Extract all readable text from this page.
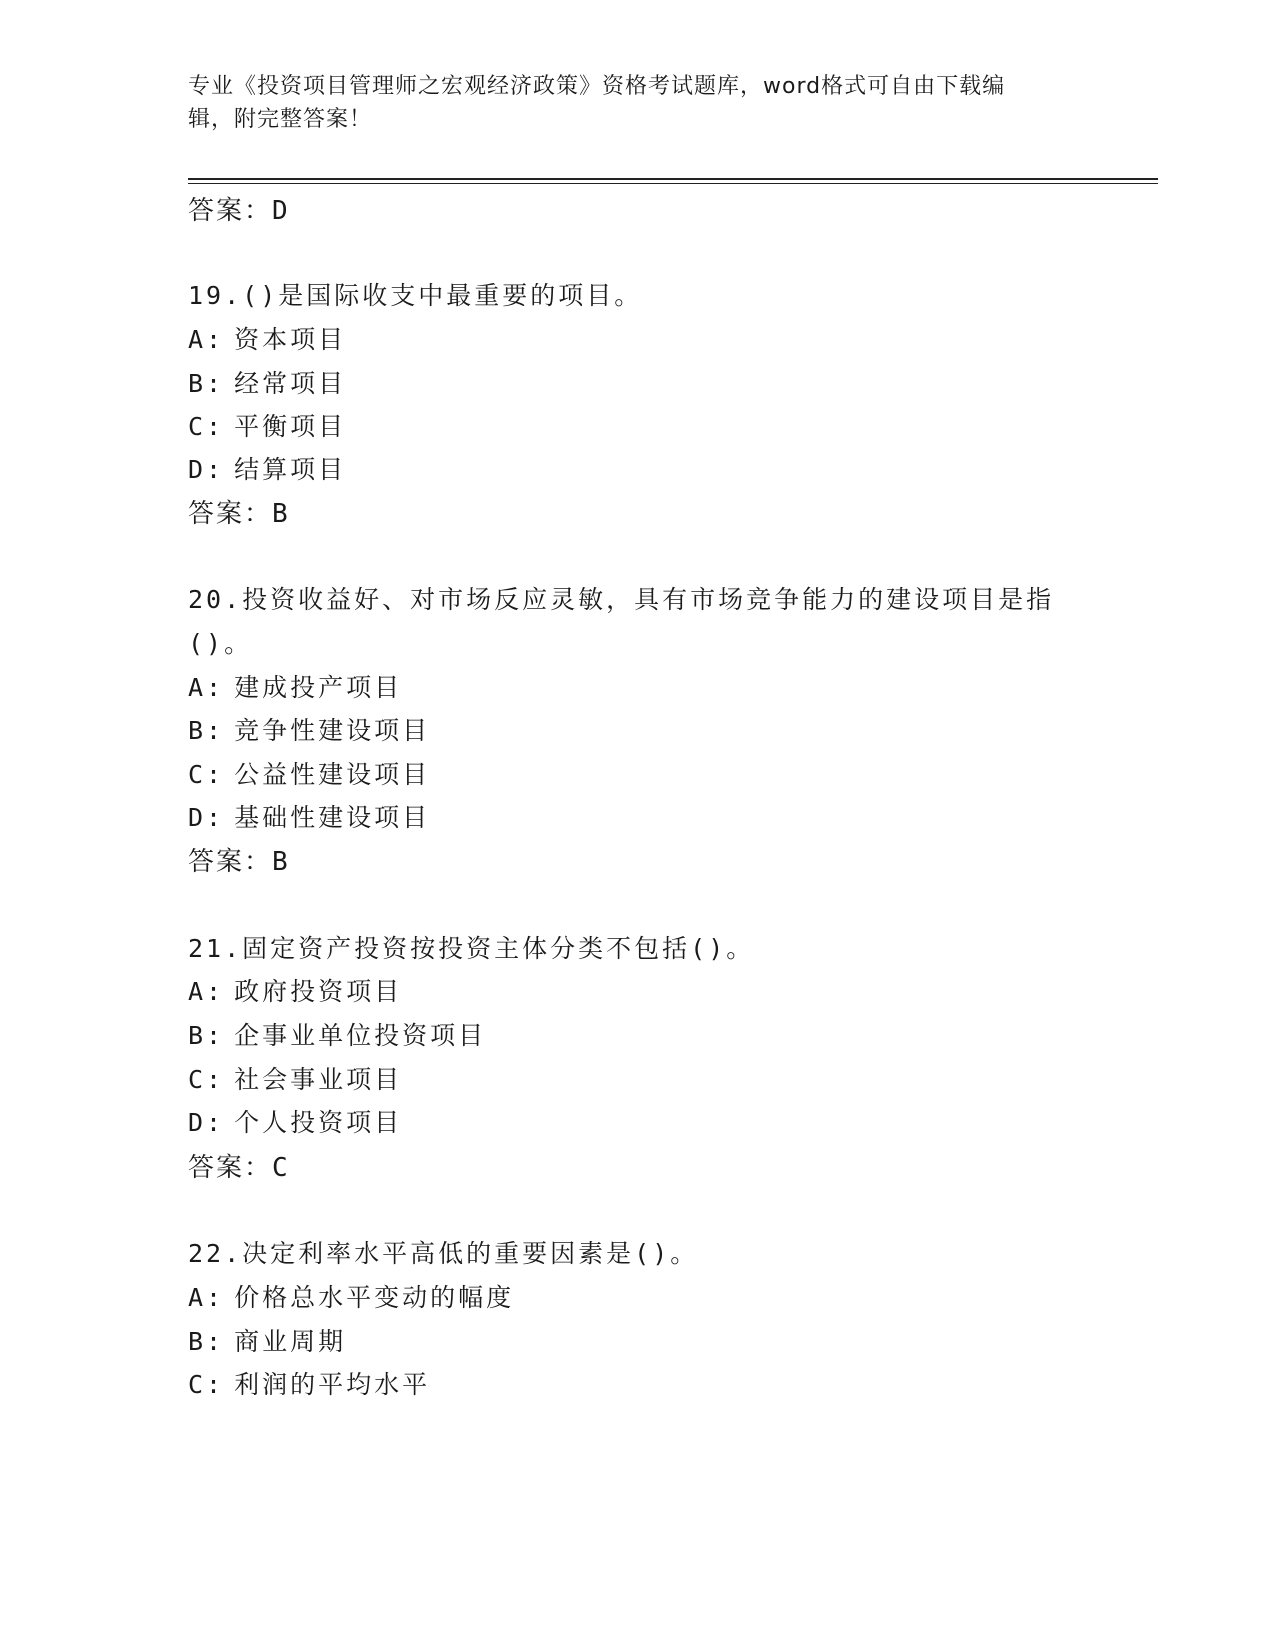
专业《投资项目管理师之宏观经济政策》资格考试题库，word格式可自由下载编
辑，附完整答案！
答案：D
19.()是国际收支中最重要的项目。
A: 资本项目
B: 经常项目
C: 平衡项目
D: 结算项目
答案：B
20.投资收益好、对市场反应灵敏，具有市场竞争能力的建设项目是指
()。
A: 建成投产项目
B: 竞争性建设项目
C: 公益性建设项目
D: 基础性建设项目
答案：B
21.固定资产投资按投资主体分类不包括()。
A: 政府投资项目
B: 企事业单位投资项目
C: 社会事业项目
D: 个人投资项目
答案：C
22.决定利率水平高低的重要因素是()。
A: 价格总水平变动的幅度
B: 商业周期
C: 利润的平均水平
